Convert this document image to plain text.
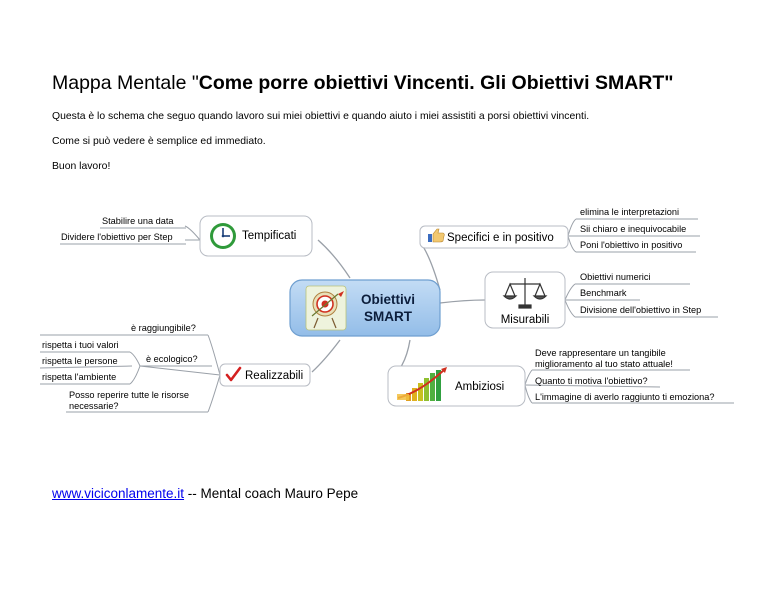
Mappa Mentale "Come porre obiettivi Vincenti. Gli Obiettivi SMART"
Questa è lo schema che seguo quando lavoro sui miei obiettivi e quando aiuto i miei assistiti a porsi obiettivi vincenti.
Come si può vedere è semplice ed immediato.
Buon lavoro!
Obiettivi
SMART
Tempificati
Stabilire una data
Dividere l'obiettivo per Step	Specifici e in positivo
elimina le interpretazioni
Sii chiaro e inequivocabile
Poni l'obiettivo in positivo
Misurabili
Obiettivi numerici
Benchmark
Divisione dell'obiettivo in Step
Realizzabili
è raggiungibile?
è ecologico?
rispetta i tuoi valori
rispetta le persone
rispetta l'ambiente
Posso reperire tutte le risorse
necessarie?
Ambiziosi
Deve rappresentare un tangibile
miglioramento al tuo stato attuale!
Quanto ti motiva l'obiettivo?
L'immagine di averlo raggiunto ti emoziona?
www.viciconlamente.it -- Mental coach Mauro Pepe
